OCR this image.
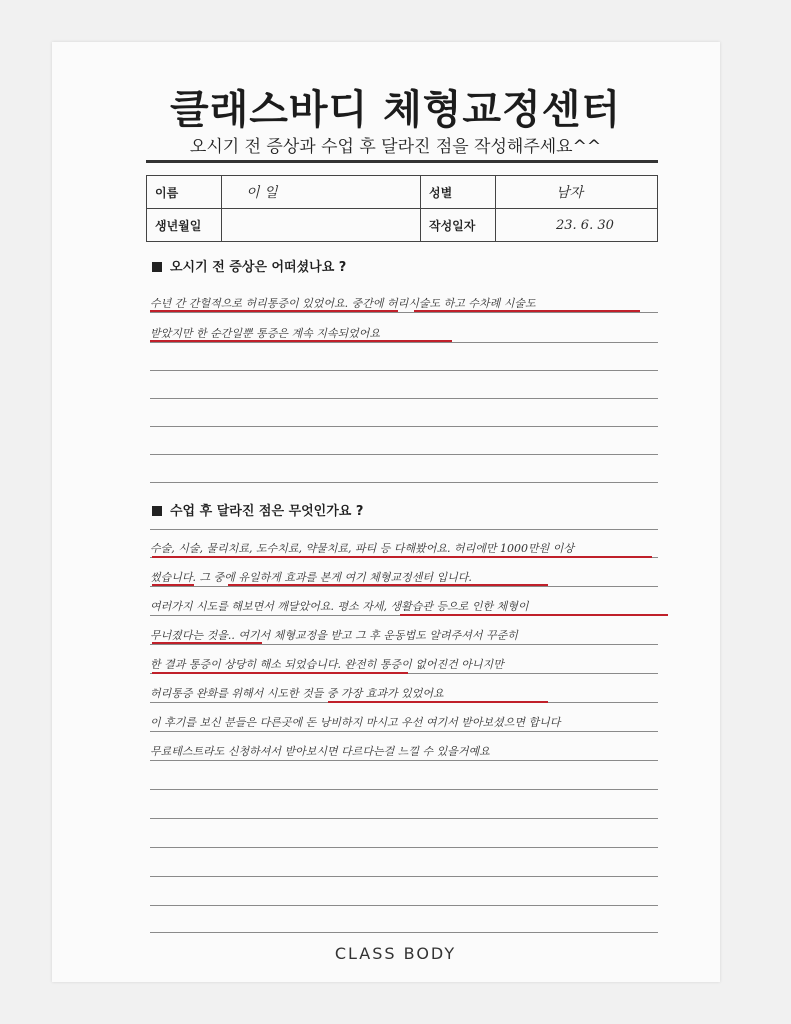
클래스바디 체형교정센터
오시기 전 증상과 수업 후 달라진 점을 작성해주세요^^
이름	이 일	성별	남자
생년월일		작성일자	23. 6. 30
오시기 전 증상은 어떠셨나요 ?
수년 간 간헐적으로 허리통증이 있었어요. 중간에 허리시술도 하고 수차례 시술도
받았지만 한 순간일뿐 통증은 계속 지속되었어요
수업 후 달라진 점은 무엇인가요 ?
수술, 시술, 물리치료, 도수치료, 약물치료, 파티 등 다해봤어요. 허리에만 1000만원 이상
썼습니다. 그 중에 유일하게 효과를 본게 여기 체형교정센터 입니다.
여러가지 시도를 해보면서 깨달았어요. 평소 자세, 생활습관 등으로 인한 체형이
무너졌다는 것을.. 여기서 체형교정을 받고 그 후 운동법도 알려주셔서 꾸준히
한 결과 통증이 상당히 해소 되었습니다. 완전히 통증이 없어진건 아니지만
허리통증 완화를 위해서 시도한 것들 중 가장 효과가 있었어요
이 후기를 보신 분들은 다른곳에 돈 낭비하지 마시고 우선 여기서 받아보셨으면 합니다
무료테스트라도 신청하셔서 받아보시면 다르다는걸 느낄 수 있을거예요
CLASS BODY
